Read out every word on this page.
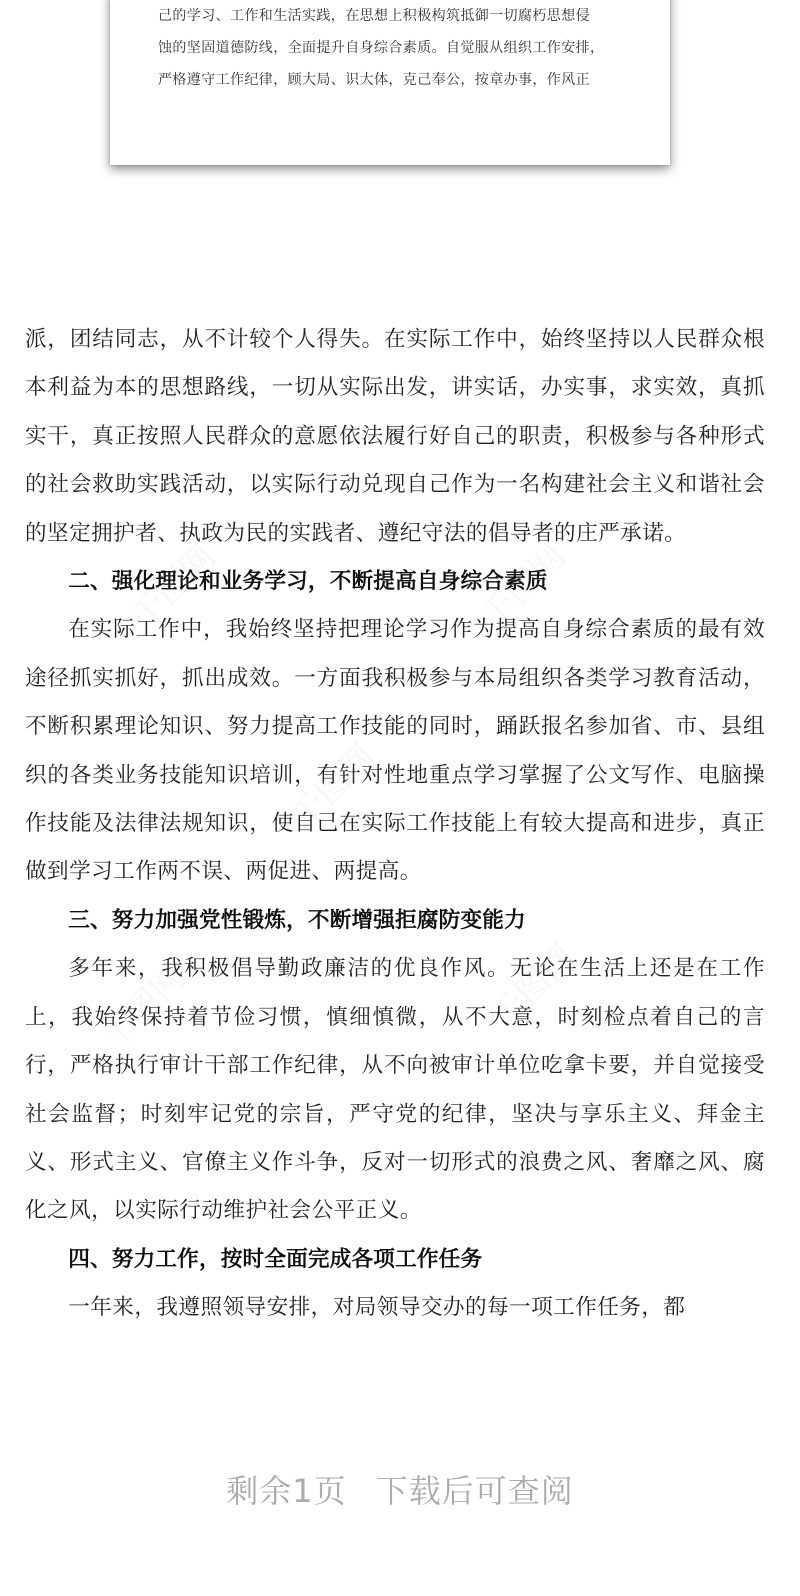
己的学习、工作和生活实践，在思想上积极构筑抵御一切腐朽思想侵
蚀的坚固道德防线，全面提升自身综合素质。自觉服从组织工作安排，
严格遵守工作纪律，顾大局、识大体，克己奉公，按章办事，作风正

派，团结同志，从不计较个人得失。在实际工作中，始终坚持以人民群众根本利益为本的思想路线，一切从实际出发，讲实话，办实事，求实效，真抓实干，真正按照人民群众的意愿依法履行好自己的职责，积极参与各种形式的社会救助实践活动，以实际行动兑现自己作为一名构建社会主义和谐社会的坚定拥护者、执政为民的实践者、遵纪守法的倡导者的庄严承诺。

二、强化理论和业务学习，不断提高自身综合素质

在实际工作中，我始终坚持把理论学习作为提高自身综合素质的最有效途径抓实抓好，抓出成效。一方面我积极参与本局组织各类学习教育活动，不断积累理论知识、努力提高工作技能的同时，踊跃报名参加省、市、县组织的各类业务技能知识培训，有针对性地重点学习掌握了公文写作、电脑操作技能及法律法规知识，使自己在实际工作技能上有较大提高和进步，真正做到学习工作两不误、两促进、两提高。

三、努力加强党性锻炼，不断增强拒腐防变能力

多年来，我积极倡导勤政廉洁的优良作风。无论在生活上还是在工作上，我始终保持着节俭习惯，慎细慎微，从不大意，时刻检点着自己的言行，严格执行审计干部工作纪律，从不向被审计单位吃拿卡要，并自觉接受社会监督；时刻牢记党的宗旨，严守党的纪律，坚决与享乐主义、拜金主义、形式主义、官僚主义作斗争，反对一切形式的浪费之风、奢靡之风、腐化之风，以实际行动维护社会公平正义。

四、努力工作，按时全面完成各项工作任务

一年来，我遵照领导安排，对局领导交办的每一项工作任务，都

千图网	千图网
千图网
千图网	千图网
剩余1页 下载后可查阅
